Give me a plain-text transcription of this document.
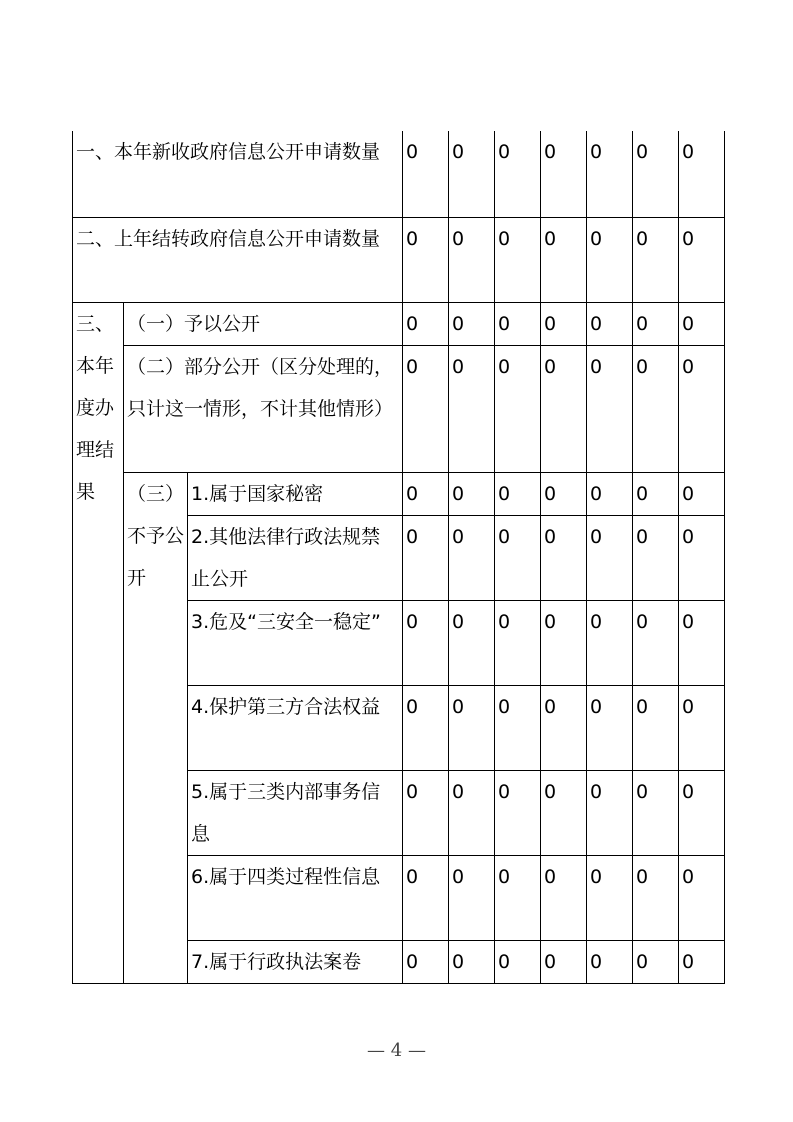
一、本年新收政府信息公开申请数量			0	0	0	0	0	0	0
二、上年结转政府信息公开申请数量			0	0	0	0	0	0	0
三、本年度办理结果	（一）予以公开		0	0	0	0	0	0	0
	（二）部分公开（区分处理的，只计这一情形，不计其他情形）		0	0	0	0	0	0	0
	（三）不予公开	1.属于国家秘密	0	0	0	0	0	0	0
		2.其他法律行政法规禁止公开	0	0	0	0	0	0	0
		3.危及“三安全一稳定”	0	0	0	0	0	0	0
		4.保护第三方合法权益	0	0	0	0	0	0	0
		5.属于三类内部事务信息	0	0	0	0	0	0	0
		6.属于四类过程性信息	0	0	0	0	0	0	0
		7.属于行政执法案卷	0	0	0	0	0	0	0
— 4 —
